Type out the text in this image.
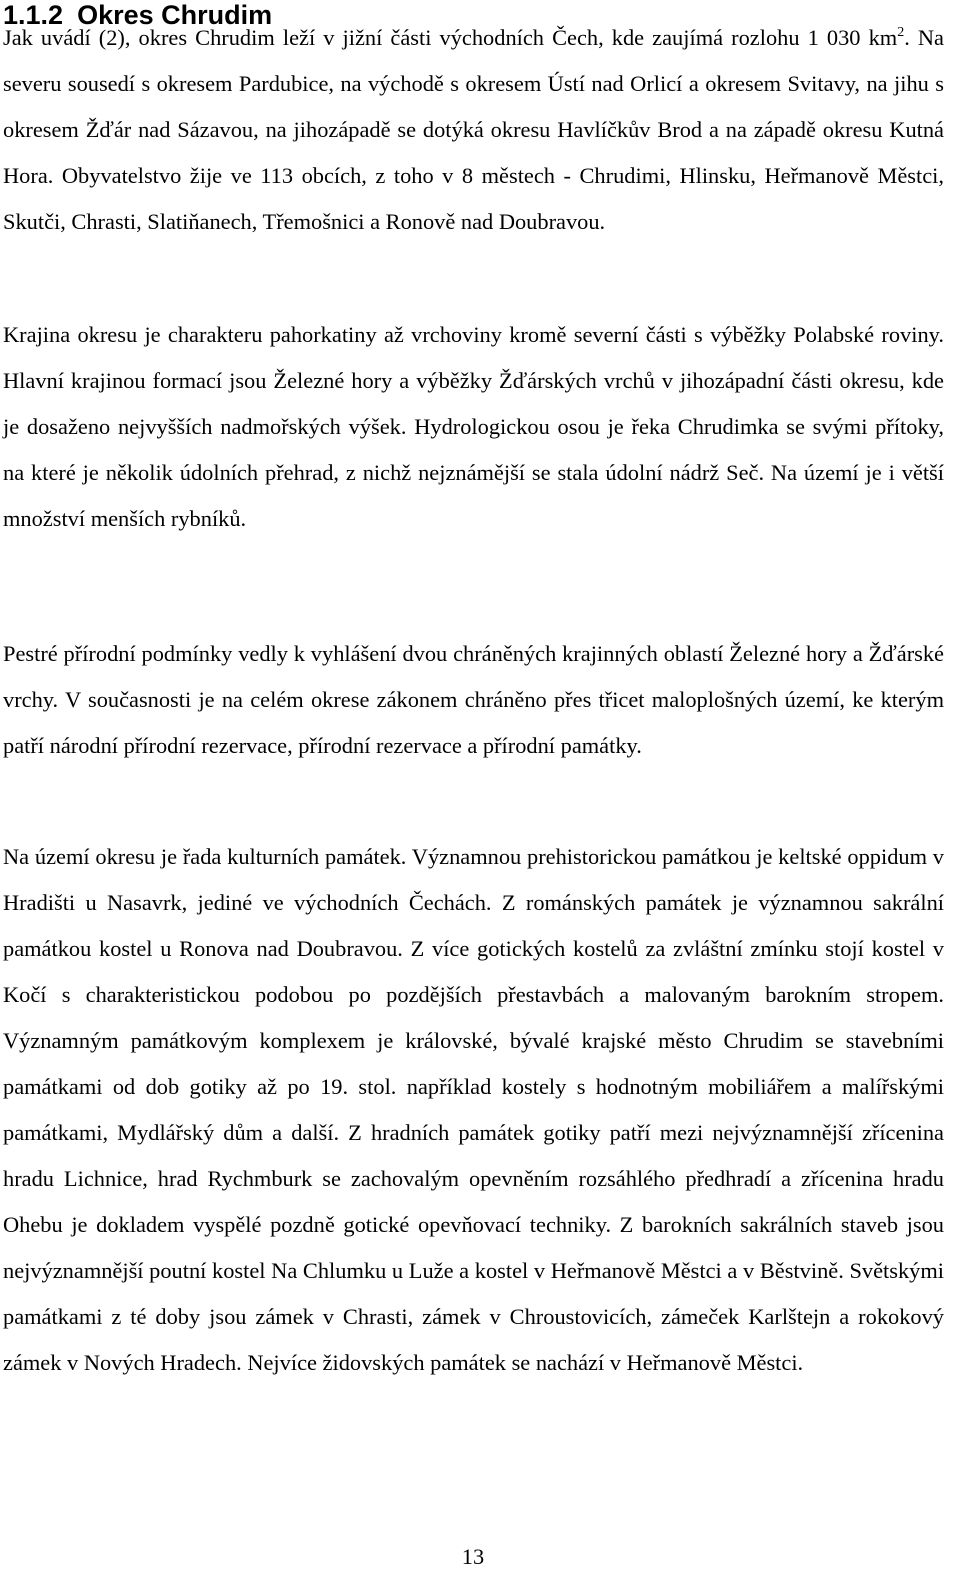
1.1.2 Okres Chrudim

Jak uvádí (2), okres Chrudim leží v jižní části východních Čech, kde zaujímá rozlohu 1 030 $km^2$. Na severu sousedí s okresem Pardubice, na východě s okresem Ústí nad Orlicí a okresem Svitavy, na jihu s okresem Žďár nad Sázavou, na jihozápadě se dotýká okresu Havlíčkův Brod a na západě okresu Kutná Hora. Obyvatelstvo žije ve 113 obcích, z toho v 8 městech - Chrudimi, Hlinsku, Heřmanově Městci, Skutči, Chrasti, Slatiňanech, Třemošnici a Ronově nad Doubravou.

Krajina okresu je charakteru pahorkatiny až vrchoviny kromě severní části s výběžky Polabské roviny. Hlavní krajinou formací jsou Železné hory a výběžky Žďárských vrchů v jihozápadní části okresu, kde je dosaženo nejvyšších nadmořských výšek. Hydrologickou osou je řeka Chrudimka se svými přítoky, na které je několik údolních přehrad, z nichž nejznámější se stala údolní nádrž Seč. Na území je i větší množství menších rybníků.

Pestré přírodní podmínky vedly k vyhlášení dvou chráněných krajinných oblastí Železné hory a Žďárské vrchy. V současnosti je na celém okrese zákonem chráněno přes třicet maloplošných území, ke kterým patří národní přírodní rezervace, přírodní rezervace a přírodní památky.

Na území okresu je řada kulturních památek. Významnou prehistorickou památkou je keltské oppidum v Hradišti u Nasavrk, jediné ve východních Čechách. Z románských památek je významnou sakrální památkou kostel u Ronova nad Doubravou. Z více gotických kostelů za zvláštní zmínku stojí kostel v Kočí s charakteristickou podobou po pozdějších přestavbách a malovaným barokním stropem. Významným památkovým komplexem je královské, bývalé krajské město Chrudim se stavebními památkami od dob gotiky až po 19. stol. například kostely s hodnotným mobiliářem a malířskými památkami, Mydlářský dům a další. Z hradních památek gotiky patří mezi nejvýznamnější zřícenina hradu Lichnice, hrad Rychmburk se zachovalým opevněním rozsáhlého předhradí a zřícenina hradu Ohebu je dokladem vyspělé pozdně gotické opevňovací techniky. Z barokních sakrálních staveb jsou nejvýznamnější poutní kostel Na Chlumku u Luže a kostel v Heřmanově Městci a v Běstvině. Světskými památkami z té doby jsou zámek v Chrasti, zámek v Chroustovicích, zámeček Karlštejn a rokokový zámek v Nových Hradech. Nejvíce židovských památek se nachází v Heřmanově Městci.

13
